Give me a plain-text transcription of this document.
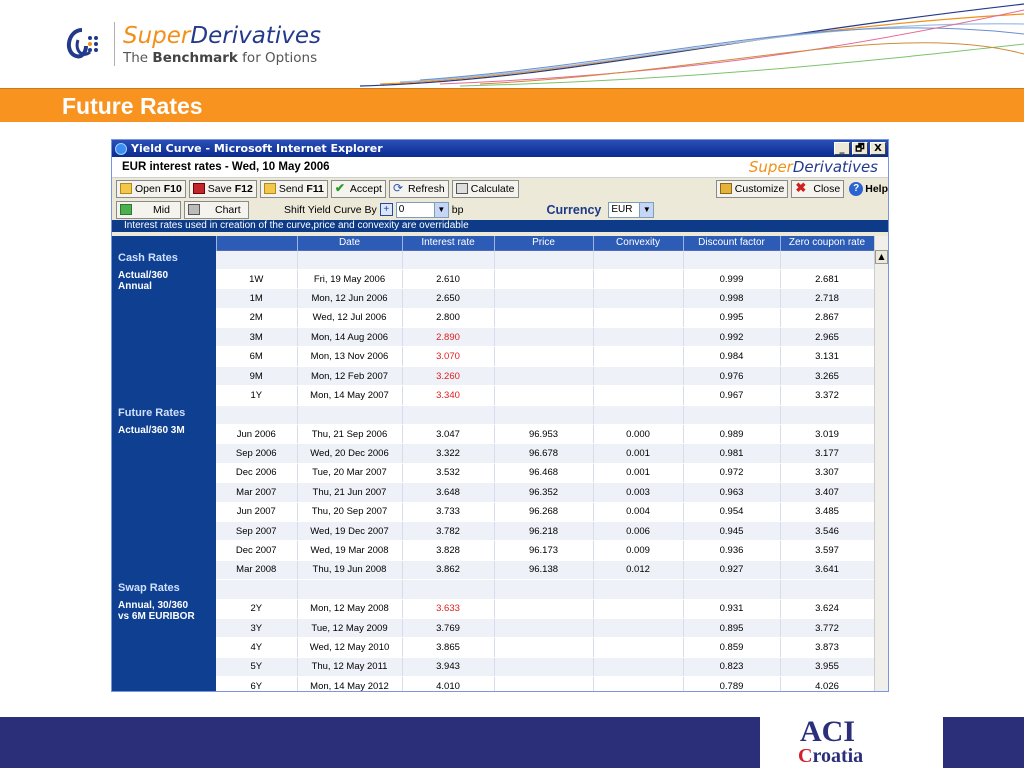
SuperDerivatives
The Benchmark for Options
Future Rates
Yield Curve - Microsoft Internet Explorer	_	🗗 X
EUR interest rates - Wed, 10 May 2006	SuperDerivatives
Open F10 Save F12 Send F11 ✔ Accept ⟳ Refresh Calculate	Customize ✖ Close	? Help
Mid	Chart	Shift Yield Curve By + 0	▼ bp	Currency EUR	▼
Interest rates used in creation of the curve,price and convexity are overridable
		Date	Interest rate	Price	Convexity	Discount factor	Zero coupon rate

Cash Rates
Actual/360
Annual							

	1W	Fri, 19 May 2006	2.610			0.999	2.681
	1M	Mon, 12 Jun 2006	2.650			0.998	2.718
	2M	Wed, 12 Jul 2006	2.800			0.995	2.867
	3M	Mon, 14 Aug 2006	2.890			0.992	2.965
	6M	Mon, 13 Nov 2006	3.070			0.984	3.131
	9M	Mon, 12 Feb 2007	3.260			0.976	3.265
	1Y	Mon, 14 May 2007	3.340			0.967	3.372

Future Rates
Actual/360 3M							

	Jun 2006	Thu, 21 Sep 2006	3.047	96.953	0.000	0.989	3.019
	Sep 2006	Wed, 20 Dec 2006	3.322	96.678	0.001	0.981	3.177
	Dec 2006	Tue, 20 Mar 2007	3.532	96.468	0.001	0.972	3.307
	Mar 2007	Thu, 21 Jun 2007	3.648	96.352	0.003	0.963	3.407
	Jun 2007	Thu, 20 Sep 2007	3.733	96.268	0.004	0.954	3.485
	Sep 2007	Wed, 19 Dec 2007	3.782	96.218	0.006	0.945	3.546
	Dec 2007	Wed, 19 Mar 2008	3.828	96.173	0.009	0.936	3.597
	Mar 2008	Thu, 19 Jun 2008	3.862	96.138	0.012	0.927	3.641

Swap Rates
Annual, 30/360
vs 6M EURIBOR							

	2Y	Mon, 12 May 2008	3.633			0.931	3.624
	3Y	Tue, 12 May 2009	3.769			0.895	3.772
	4Y	Wed, 12 May 2010	3.865			0.859	3.873
	5Y	Thu, 12 May 2011	3.943			0.823	3.955
	6Y	Mon, 14 May 2012	4.010			0.789	4.026
▲
ACI
Croatia
